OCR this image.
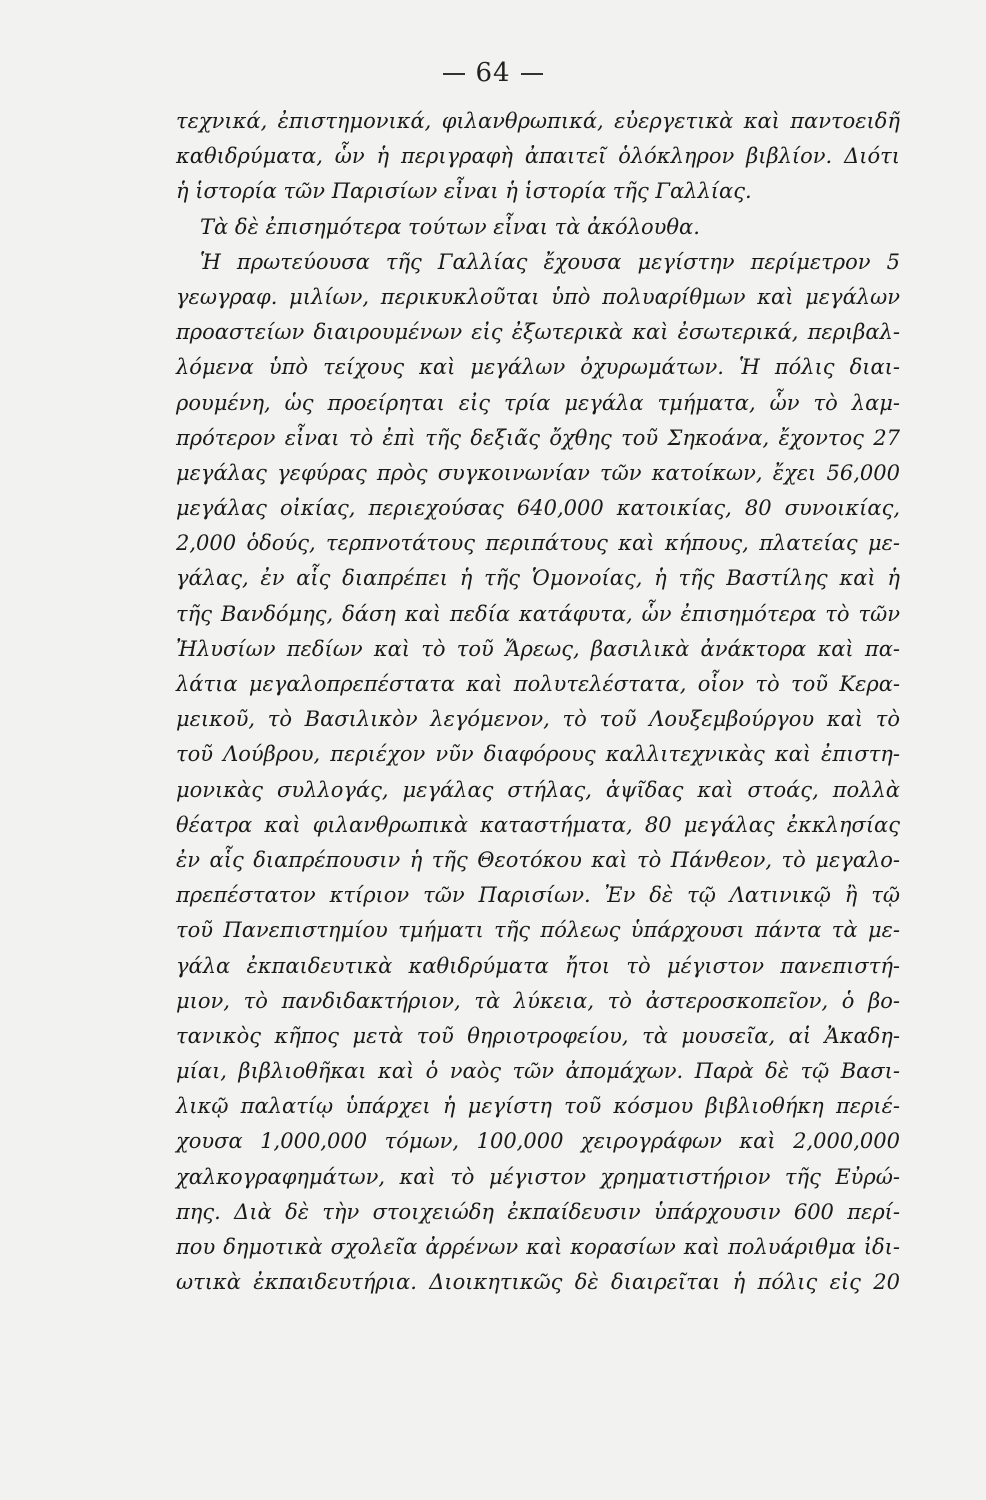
64
τεχνικά, ἐπιστημονικά, φιλανθρωπικά, εὐεργετικὰ καὶ παντοειδῆ
καθιδρύματα, ὧν ἡ περιγραφὴ ἀπαιτεῖ ὁλόκληρον βιβλίον. Διότι
ἡ ἱστορία τῶν Παρισίων εἶναι ἡ ἱστορία τῆς Γαλλίας.
Τὰ δὲ ἐπισημότερα τούτων εἶναι τὰ ἀκόλουθα.
Ἡ πρωτεύουσα τῆς Γαλλίας ἔχουσα μεγίστην περίμετρον 5
γεωγραφ. μιλίων, περικυκλοῦται ὑπὸ πολυαρίθμων καὶ μεγάλων
προαστείων διαιρουμένων εἰς ἐξωτερικὰ καὶ ἐσωτερικά, περιβαλ-
λόμενα ὑπὸ τείχους καὶ μεγάλων ὀχυρωμάτων. Ἡ πόλις διαι-
ρουμένη, ὡς προείρηται εἰς τρία μεγάλα τμήματα, ὧν τὸ λαμ-
πρότερον εἶναι τὸ ἐπὶ τῆς δεξιᾶς ὄχθης τοῦ Σηκοάνα, ἔχοντος 27
μεγάλας γεφύρας πρὸς συγκοινωνίαν τῶν κατοίκων, ἔχει 56,000
μεγάλας οἰκίας, περιεχούσας 640,000 κατοικίας, 80 συνοικίας,
2,000 ὁδούς, τερπνοτάτους περιπάτους καὶ κήπους, πλατείας με-
γάλας, ἐν αἷς διαπρέπει ἡ τῆς Ὁμονοίας, ἡ τῆς Βαστίλης καὶ ἡ
τῆς Βανδόμης, δάση καὶ πεδία κατάφυτα, ὧν ἐπισημότερα τὸ τῶν
Ἠλυσίων πεδίων καὶ τὸ τοῦ Ἄρεως, βασιλικὰ ἀνάκτορα καὶ πα-
λάτια μεγαλοπρεπέστατα καὶ πολυτελέστατα, οἷον τὸ τοῦ Κερα-
μεικοῦ, τὸ Βασιλικὸν λεγόμενον, τὸ τοῦ Λουξεμβούργου καὶ τὸ
τοῦ Λούβρου, περιέχον νῦν διαφόρους καλλιτεχνικὰς καὶ ἐπιστη-
μονικὰς συλλογάς, μεγάλας στήλας, ἁψῖδας καὶ στοάς, πολλὰ
θέατρα καὶ φιλανθρωπικὰ καταστήματα, 80 μεγάλας ἐκκλησίας
ἐν αἷς διαπρέπουσιν ἡ τῆς Θεοτόκου καὶ τὸ Πάνθεον, τὸ μεγαλο-
πρεπέστατον κτίριον τῶν Παρισίων. Ἐν δὲ τῷ Λατινικῷ ἢ τῷ
τοῦ Πανεπιστημίου τμήματι τῆς πόλεως ὑπάρχουσι πάντα τὰ με-
γάλα ἐκπαιδευτικὰ καθιδρύματα ἤτοι τὸ μέγιστον πανεπιστή-
μιον, τὸ πανδιδακτήριον, τὰ λύκεια, τὸ ἀστεροσκοπεῖον, ὁ βο-
τανικὸς κῆπος μετὰ τοῦ θηριοτροφείου, τὰ μουσεῖα, αἱ Ἀκαδη-
μίαι, βιβλιοθῆκαι καὶ ὁ ναὸς τῶν ἀπομάχων. Παρὰ δὲ τῷ Βασι-
λικῷ παλατίῳ ὑπάρχει ἡ μεγίστη τοῦ κόσμου βιβλιοθήκη περιέ-
χουσα 1,000,000 τόμων, 100,000 χειρογράφων καὶ 2,000,000
χαλκογραφημάτων, καὶ τὸ μέγιστον χρηματιστήριον τῆς Εὐρώ-
πης. Διὰ δὲ τὴν στοιχειώδη ἐκπαίδευσιν ὑπάρχουσιν 600 περί-
που δημοτικὰ σχολεῖα ἀρρένων καὶ κορασίων καὶ πολυάριθμα ἰδι-
ωτικὰ ἐκπαιδευτήρια. Διοικητικῶς δὲ διαιρεῖται ἡ πόλις εἰς 20
